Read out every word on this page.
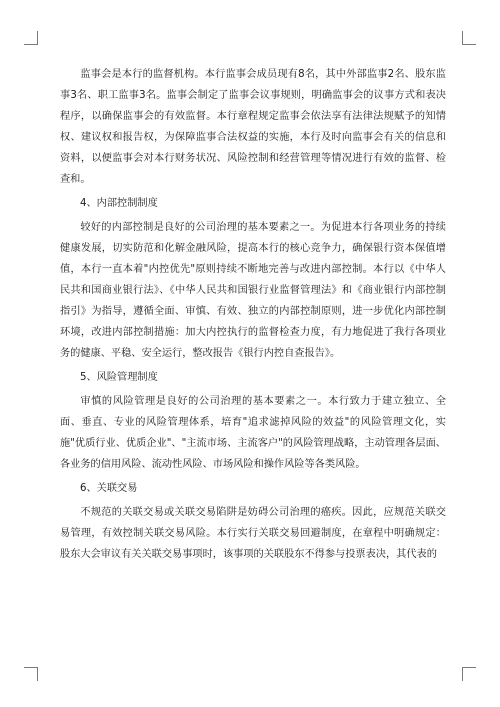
监事会是本行的监督机构。本行监事会成员现有8名，其中外部监事2名、股东监事3名、职工监事3名。监事会制定了监事会议事规则，明确监事会的议事方式和表决程序，以确保监事会的有效监督。本行章程规定监事会依法享有法律法规赋予的知情权、建议权和报告权，为保障监事合法权益的实施，本行及时向监事会有关的信息和资料，以便监事会对本行财务状况、风险控制和经营管理等情况进行有效的监督、检查和。

4、内部控制制度

较好的内部控制是良好的公司治理的基本要素之一。为促进本行各项业务的持续健康发展，切实防范和化解金融风险，提高本行的核心竞争力，确保银行资本保值增值，本行一直本着"内控优先"原则持续不断地完善与改进内部控制。本行以《中华人民共和国商业银行法》、《中华人民共和国银行业监督管理法》和《商业银行内部控制指引》为指导，遵循全面、审慎、有效、独立的内部控制原则，进一步优化内部控制环境，改进内部控制措施：加大内控执行的监督检查力度，有力地促进了我行各项业务的健康、平稳、安全运行，整改报告《银行内控自查报告》。

5、风险管理制度

审慎的风险管理是良好的公司治理的基本要素之一。本行致力于建立独立、全面、垂直、专业的风险管理体系，培育"追求滤掉风险的效益"的风险管理文化，实施"优质行业、优质企业"、"主流市场、主流客户"的风险管理战略，主动管理各层面、各业务的信用风险、流动性风险、市场风险和操作风险等各类风险。

6、关联交易

不规范的关联交易或关联交易陷阱是妨碍公司治理的癌疾。因此，应规范关联交易管理，有效控制关联交易风险。本行实行关联交易回避制度，在章程中明确规定：股东大会审议有关关联交易事项时，该事项的关联股东不得参与投票表决，其代表的
